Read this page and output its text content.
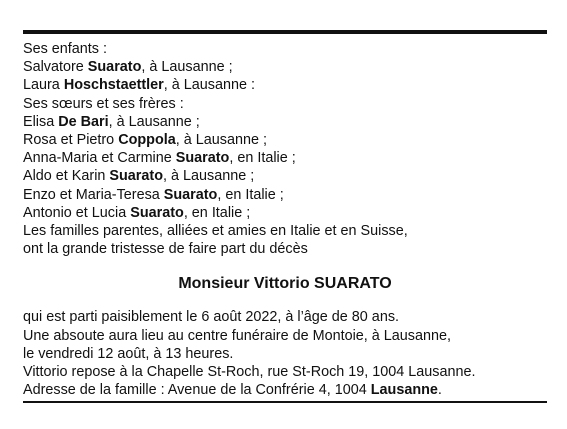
Ses enfants :
Salvatore Suarato, à Lausanne ;
Laura Hoschstaettler, à Lausanne :
Ses sœurs et ses frères :
Elisa De Bari, à Lausanne ;
Rosa et Pietro Coppola, à Lausanne ;
Anna-Maria et Carmine Suarato, en Italie ;
Aldo et Karin Suarato, à Lausanne ;
Enzo et Maria-Teresa Suarato, en Italie ;
Antonio et Lucia Suarato, en Italie ;
Les familles parentes, alliées et amies en Italie et en Suisse,
ont la grande tristesse de faire part du décès
Monsieur Vittorio SUARATO
qui est parti paisiblement le 6 août 2022, à l’âge de 80 ans.
Une absoute aura lieu au centre funéraire de Montoie, à Lausanne,
le vendredi 12 août, à 13 heures.
Vittorio repose à la Chapelle St-Roch, rue St-Roch 19, 1004 Lausanne.
Adresse de la famille : Avenue de la Confrérie 4, 1004 Lausanne.
